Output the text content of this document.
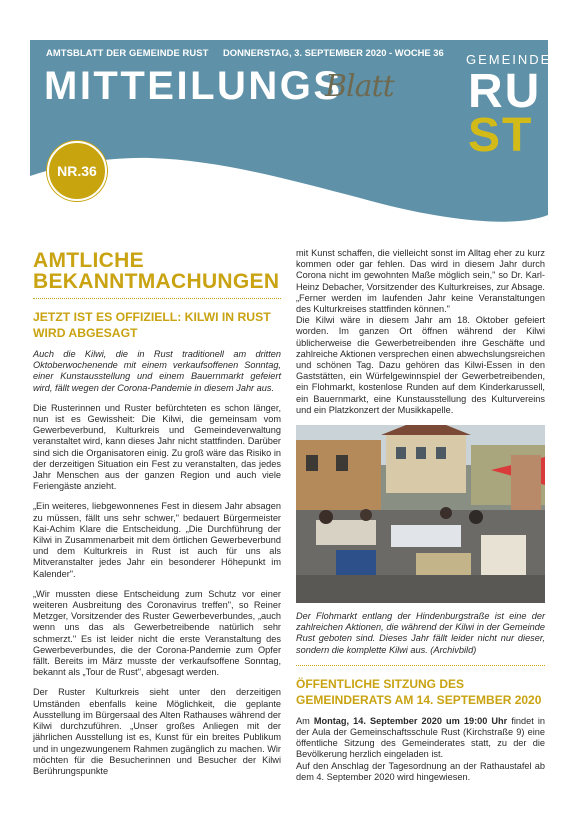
AMTSBLATT DER GEMEINDE RUST DONNERSTAG, 3. SEPTEMBER 2020 - WOCHE 36
MITTEILUNGS
Blatt
GEMEINDE
RU
ST
NR.36
AMTLICHE BEKANNTMACHUNGEN
JETZT IST ES OFFIZIELL: KILWI IN RUST WIRD ABGESAGT

Auch die Kilwi, die in Rust traditionell am dritten Oktoberwochenende mit einem verkaufsoffenen Sonntag, einer Kunstausstellung und einem Bauernmarkt gefeiert wird, fällt wegen der Corona-Pandemie in diesem Jahr aus.

Die Rusterinnen und Ruster befürchteten es schon länger, nun ist es Gewissheit: Die Kilwi, die gemeinsam vom Gewerbeverbund, Kulturkreis und Gemeindeverwaltung veranstaltet wird, kann dieses Jahr nicht stattfinden. Darüber sind sich die Organisatoren einig. Zu groß wäre das Risiko in der derzeitigen Situation ein Fest zu veranstalten, das jedes Jahr Menschen aus der ganzen Region und auch viele Feriengäste anzieht.

„Ein weiteres, liebgewonnenes Fest in diesem Jahr absagen zu müssen, fällt uns sehr schwer," bedauert Bürgermeister Kai-Achim Klare die Entscheidung. „Die Durchführung der Kilwi in Zusammenarbeit mit dem örtlichen Gewerbeverbund und dem Kulturkreis in Rust ist auch für uns als Mitveranstalter jedes Jahr ein besonderer Höhepunkt im Kalender".

„Wir mussten diese Entscheidung zum Schutz vor einer weiteren Ausbreitung des Coronavirus treffen", so Reiner Metzger, Vorsitzender des Ruster Gewerbeverbundes, „auch wenn uns das als Gewerbetreibende natürlich sehr schmerzt." Es ist leider nicht die erste Veranstaltung des Gewerbeverbundes, die der Corona-Pandemie zum Opfer fällt. Bereits im März musste der verkaufsoffene Sonntag, bekannt als „Tour de Rust", abgesagt werden.

Der Ruster Kulturkreis sieht unter den derzeitigen Umständen ebenfalls keine Möglichkeit, die geplante Ausstellung im Bürgersaal des Alten Rathauses während der Kilwi durchzuführen. „Unser großes Anliegen mit der jährlichen Ausstellung ist es, Kunst für ein breites Publikum und in ungezwungenem Rahmen zugänglich zu machen. Wir möchten für die Besucherinnen und Besucher der Kilwi Berührungspunkte

mit Kunst schaffen, die vielleicht sonst im Alltag eher zu kurz kommen oder gar fehlen. Das wird in diesem Jahr durch Corona nicht im gewohnten Maße möglich sein," so Dr. Karl-Heinz Debacher, Vorsitzender des Kulturkreises, zur Absage. „Ferner werden im laufenden Jahr keine Veranstaltungen des Kulturkreises stattfinden können."

Die Kilwi wäre in diesem Jahr am 18. Oktober gefeiert worden. Im ganzen Ort öffnen während der Kilwi üblicherweise die Gewerbetreibenden ihre Geschäfte und zahlreiche Aktionen versprechen einen abwechslungsreichen und schönen Tag. Dazu gehören das Kilwi-Essen in den Gaststätten, ein Würfelgewinnspiel der Gewerbetreibenden, ein Flohmarkt, kostenlose Runden auf dem Kinderkarussell, ein Bauernmarkt, eine Kunstausstellung des Kulturvereins und ein Platzkonzert der Musikkapelle.

Der Flohmarkt entlang der Hindenburgstraße ist eine der zahlreichen Aktionen, die während der Kilwi in der Gemeinde Rust geboten sind. Dieses Jahr fällt leider nicht nur dieser, sondern die komplette Kilwi aus. (Archivbild)

ÖFFENTLICHE SITZUNG DES GEMEINDERATS AM 14. SEPTEMBER 2020

Am Montag, 14. September 2020 um 19:00 Uhr findet in der Aula der Gemeinschaftsschule Rust (Kirchstraße 9) eine öffentliche Sitzung des Gemeinderates statt, zu der die Bevölkerung herzlich eingeladen ist.

Auf den Anschlag der Tagesordnung an der Rathaustafel ab dem 4. September 2020 wird hingewiesen.
